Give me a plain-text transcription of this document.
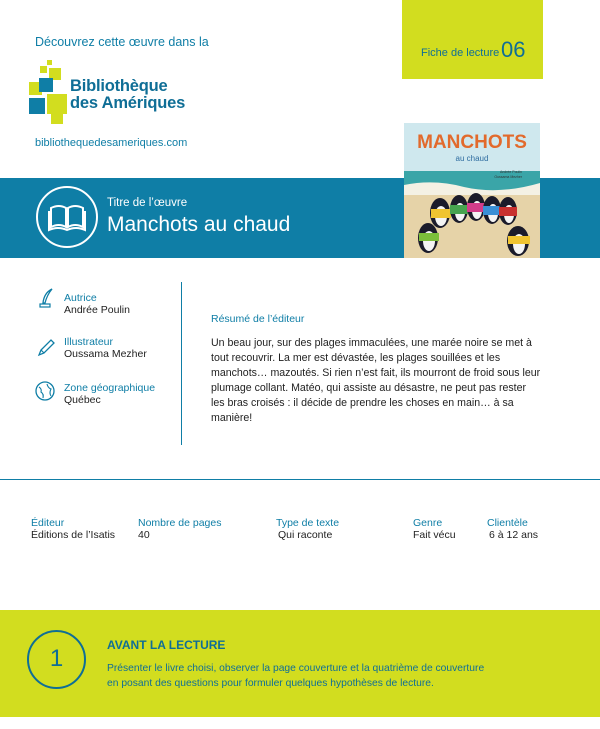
Découvrez cette œuvre dans la
Bibliothèque
des Amériques
bibliothequedesameriques.com
Fiche de lecture 06
Titre de l’œuvre
Manchots au chaud
MANCHOTS
au chaud
Andrée Poulin
Oussama Mezher
Autrice
Andrée Poulin
Illustrateur
Oussama Mezher
Zone géographique
Québec
Résumé de l’éditeur
Un beau jour, sur des plages immaculées, une marée noire se met à tout recouvrir. La mer est dévastée, les plages souillées et les manchots… mazoutés. Si rien n’est fait, ils mourront de froid sous leur plumage collant. Matéo, qui assiste au désastre, ne peut pas rester les bras croisés : il décide de prendre les choses en main… à sa manière!
Éditeur
Éditions de l’Isatis
Nombre de pages
40
Type de texte
Qui raconte
Genre
Fait vécu
Clientèle
6 à 12 ans
1	AVANT LA LECTURE
Présenter le livre choisi, observer la page couverture et la quatrième de couverture en posant des questions pour formuler quelques hypothèses de lecture.
